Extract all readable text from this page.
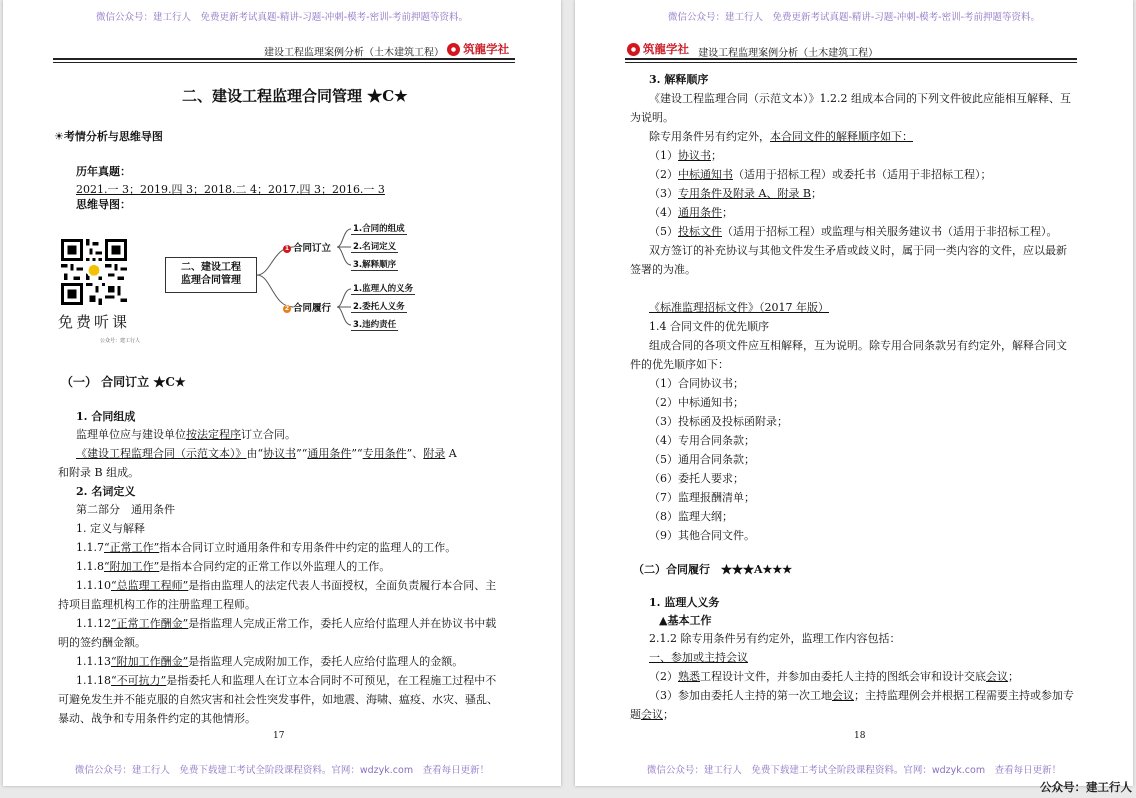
微信公众号：建工行人　免费更新考试真题-精讲-习题-冲刺-模考-密训-考前押题等资料。
建设工程监理案例分析（土木建筑工程） 筑龍学社
二、建设工程监理合同管理 ★C★
☀考情分析与思维导图
历年真题：
2021.一 3；2019.四 3；2018.二 4；2017.四 3；2016.一 3
思维导图：
免费听课
公众号：建工行人
二、建设工程
监理合同管理
1 合同订立
2 合同履行
1.合同的组成
2.名词定义
3.解释顺序
1.监理人的义务
2.委托人义务
3.违约责任
（一） 合同订立 ★C★
1. 合同组成
监理单位应与建设单位按法定程序订立合同。
《建设工程监理合同（示范文本）》由“协议书”“通用条件”“专用条件”、附录 A
和附录 B 组成。
2. 名词定义
第二部分　通用条件
1. 定义与解释
1.1.7“正常工作”指本合同订立时通用条件和专用条件中约定的监理人的工作。
1.1.8“附加工作”是指本合同约定的正常工作以外监理人的工作。
1.1.10“总监理工程师”是指由监理人的法定代表人书面授权，全面负责履行本合同、主
持项目监理机构工作的注册监理工程师。
1.1.12“正常工作酬金”是指监理人完成正常工作，委托人应给付监理人并在协议书中载
明的签约酬金额。
1.1.13“附加工作酬金”是指监理人完成附加工作，委托人应给付监理人的金额。
1.1.18“不可抗力”是指委托人和监理人在订立本合同时不可预见，在工程施工过程中不
可避免发生并不能克服的自然灾害和社会性突发事件，如地震、海啸、瘟疫、水灾、骚乱、
暴动、战争和专用条件约定的其他情形。
17
微信公众号：建工行人　免费下载建工考试全阶段课程资料。官网：wdzyk.com　查看每日更新！
微信公众号：建工行人　免费更新考试真题-精讲-习题-冲刺-模考-密训-考前押题等资料。
筑龍学社 建设工程监理案例分析（土木建筑工程）
3. 解释顺序
《建设工程监理合同（示范文本）》1.2.2 组成本合同的下列文件彼此应能相互解释、互
为说明。
除专用条件另有约定外，本合同文件的解释顺序如下：
（1）协议书；
（2）中标通知书（适用于招标工程）或委托书（适用于非招标工程）；
（3）专用条件及附录 A、附录 B；
（4）通用条件；
（5）投标文件（适用于招标工程）或监理与相关服务建议书（适用于非招标工程）。
双方签订的补充协议与其他文件发生矛盾或歧义时，属于同一类内容的文件，应以最新
签署的为准。
《标准监理招标文件》（2017 年版）
1.4 合同文件的优先顺序
组成合同的各项文件应互相解释，互为说明。除专用合同条款另有约定外，解释合同文
件的优先顺序如下：
（1）合同协议书；
（2）中标通知书；
（3）投标函及投标函附录；
（4）专用合同条款；
（5）通用合同条款；
（6）委托人要求；
（7）监理报酬清单；
（8）监理大纲；
（9）其他合同文件。
（二）合同履行　★★★A★★★
1. 监理人义务
▲基本工作
2.1.2 除专用条件另有约定外，监理工作内容包括：
一、参加或主持会议
（2）熟悉工程设计文件，并参加由委托人主持的图纸会审和设计交底会议；
（3）参加由委托人主持的第一次工地会议；主持监理例会并根据工程需要主持或参加专
题会议；
18
微信公众号：建工行人　免费下载建工考试全阶段课程资料。官网：wdzyk.com　查看每日更新！
公众号：建工行人
